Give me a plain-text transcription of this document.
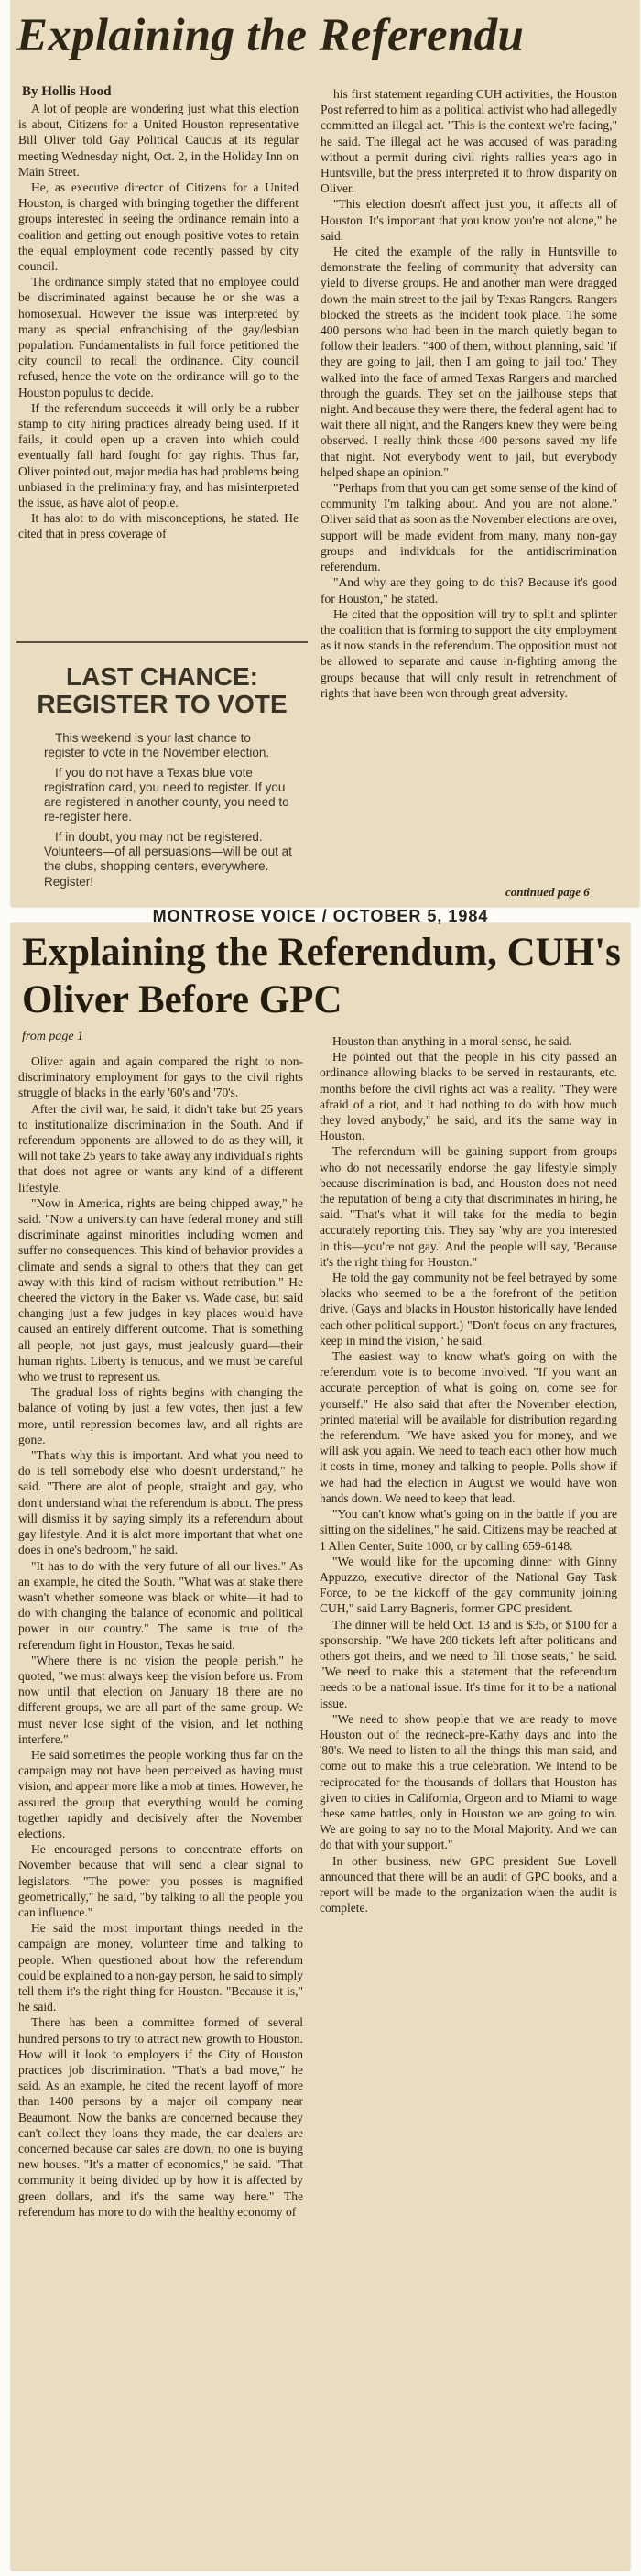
Explaining the Referendu
By Hollis Hood

A lot of people are wondering just what this election is about, Citizens for a United Houston representative Bill Oliver told Gay Political Caucus at its regular meeting Wednesday night, Oct. 2, in the Holiday Inn on Main Street.

He, as executive director of Citizens for a United Houston, is charged with bringing together the different groups interested in seeing the ordinance remain into a coalition and getting out enough positive votes to retain the equal employment code recently passed by city council.

The ordinance simply stated that no employee could be discriminated against because he or she was a homosexual. However the issue was interpreted by many as special enfranchising of the gay/lesbian population. Fundamentalists in full force petitioned the city council to recall the ordinance. City council refused, hence the vote on the ordinance will go to the Houston populus to decide.

If the referendum succeeds it will only be a rubber stamp to city hiring practices already being used. If it fails, it could open up a craven into which could eventually fall hard fought for gay rights. Thus far, Oliver pointed out, major media has had problems being unbiased in the preliminary fray, and has misinterpreted the issue, as have alot of people.

It has alot to do with misconceptions, he stated. He cited that in press coverage of

LAST CHANCE: REGISTER TO VOTE

This weekend is your last chance to register to vote in the November election.

If you do not have a Texas blue vote registration card, you need to register. If you are registered in another county, you need to re-register here.

If in doubt, you may not be registered. Volunteers—of all persuasions—will be out at the clubs, shopping centers, everywhere. Register!

his first statement regarding CUH activities, the Houston Post referred to him as a political activist who had allegedly committed an illegal act. "This is the context we're facing," he said. The illegal act he was accused of was parading without a permit during civil rights rallies years ago in Huntsville, but the press interpreted it to throw disparity on Oliver.

"This election doesn't affect just you, it affects all of Houston. It's important that you know you're not alone," he said.

He cited the example of the rally in Huntsville to demonstrate the feeling of community that adversity can yield to diverse groups. He and another man were dragged down the main street to the jail by Texas Rangers. Rangers blocked the streets as the incident took place. The some 400 persons who had been in the march quietly began to follow their leaders. "400 of them, without planning, said 'if they are going to jail, then I am going to jail too.' They walked into the face of armed Texas Rangers and marched through the guards. They set on the jailhouse steps that night. And because they were there, the federal agent had to wait there all night, and the Rangers knew they were being observed. I really think those 400 persons saved my life that night. Not everybody went to jail, but everybody helped shape an opinion."

"Perhaps from that you can get some sense of the kind of community I'm talking about. And you are not alone." Oliver said that as soon as the November elections are over, support will be made evident from many, many non-gay groups and individuals for the antidiscrimination referendum.

"And why are they going to do this? Because it's good for Houston," he stated.

He cited that the opposition will try to split and splinter the coalition that is forming to support the city employment as it now stands in the referendum. The opposition must not be allowed to separate and cause in-fighting among the groups because that will only result in retrenchment of rights that have been won through great adversity.

continued page 6
MONTROSE VOICE / OCTOBER 5, 1984
Explaining the Referendum, CUH's Oliver Before GPC
from page 1

Oliver again and again compared the right to non-discriminatory employment for gays to the civil rights struggle of blacks in the early '60's and '70's.

After the civil war, he said, it didn't take but 25 years to institutionalize discrimination in the South. And if referendum opponents are allowed to do as they will, it will not take 25 years to take away any individual's rights that does not agree or wants any kind of a different lifestyle.

"Now in America, rights are being chipped away," he said. "Now a university can have federal money and still discriminate against minorities including women and suffer no consequences. This kind of behavior provides a climate and sends a signal to others that they can get away with this kind of racism without retribution." He cheered the victory in the Baker vs. Wade case, but said changing just a few judges in key places would have caused an entirely different outcome. That is something all people, not just gays, must jealously guard—their human rights. Liberty is tenuous, and we must be careful who we trust to represent us.

The gradual loss of rights begins with changing the balance of voting by just a few votes, then just a few more, until repression becomes law, and all rights are gone.

"That's why this is important. And what you need to do is tell somebody else who doesn't understand," he said. "There are alot of people, straight and gay, who don't understand what the referendum is about. The press will dismiss it by saying simply its a referendum about gay lifestyle. And it is alot more important that what one does in one's bedroom," he said.

"It has to do with the very future of all our lives." As an example, he cited the South. "What was at stake there wasn't whether someone was black or white—it had to do with changing the balance of economic and political power in our country." The same is true of the referendum fight in Houston, Texas he said.

"Where there is no vision the people perish," he quoted, "we must always keep the vision before us. From now until that election on January 18 there are no different groups, we are all part of the same group. We must never lose sight of the vision, and let nothing interfere."

He said sometimes the people working thus far on the campaign may not have been perceived as having must vision, and appear more like a mob at times. However, he assured the group that everything would be coming together rapidly and decisively after the November elections.

He encouraged persons to concentrate efforts on November because that will send a clear signal to legislators. "The power you posses is magnified geometrically," he said, "by talking to all the people you can influence."

He said the most important things needed in the campaign are money, volunteer time and talking to people. When questioned about how the referendum could be explained to a non-gay person, he said to simply tell them it's the right thing for Houston. "Because it is," he said.

There has been a committee formed of several hundred persons to try to attract new growth to Houston. How will it look to employers if the City of Houston practices job discrimination. "That's a bad move," he said. As an example, he cited the recent layoff of more than 1400 persons by a major oil company near Beaumont. Now the banks are concerned because they can't collect they loans they made, the car dealers are concerned because car sales are down, no one is buying new houses. "It's a matter of economics," he said. "That community it being divided up by how it is affected by green dollars, and it's the same way here." The referendum has more to do with the healthy economy of

Houston than anything in a moral sense, he said.

He pointed out that the people in his city passed an ordinance allowing blacks to be served in restaurants, etc. months before the civil rights act was a reality. "They were afraid of a riot, and it had nothing to do with how much they loved anybody," he said, and it's the same way in Houston.

The referendum will be gaining support from groups who do not necessarily endorse the gay lifestyle simply because discrimination is bad, and Houston does not need the reputation of being a city that discriminates in hiring, he said. "That's what it will take for the media to begin accurately reporting this. They say 'why are you interested in this—you're not gay.' And the people will say, 'Because it's the right thing for Houston."

He told the gay community not be feel betrayed by some blacks who seemed to be a the forefront of the petition drive. (Gays and blacks in Houston historically have lended each other political support.) "Don't focus on any fractures, keep in mind the vision," he said.

The easiest way to know what's going on with the referendum vote is to become involved. "If you want an accurate perception of what is going on, come see for yourself." He also said that after the November election, printed material will be available for distribution regarding the referendum. "We have asked you for money, and we will ask you again. We need to teach each other how much it costs in time, money and talking to people. Polls show if we had had the election in August we would have won hands down. We need to keep that lead.

"You can't know what's going on in the battle if you are sitting on the sidelines," he said. Citizens may be reached at 1 Allen Center, Suite 1000, or by calling 659-6148.

"We would like for the upcoming dinner with Ginny Appuzzo, executive director of the National Gay Task Force, to be the kickoff of the gay community joining CUH," said Larry Bagneris, former GPC president.

The dinner will be held Oct. 13 and is $35, or $100 for a sponsorship. "We have 200 tickets left after politicans and others got theirs, and we need to fill those seats," he said. "We need to make this a statement that the referendum needs to be a national issue. It's time for it to be a national issue.

"We need to show people that we are ready to move Houston out of the redneck-pre-Kathy days and into the '80's. We need to listen to all the things this man said, and come out to make this a true celebration. We intend to be reciprocated for the thousands of dollars that Houston has given to cities in California, Orgeon and to Miami to wage these same battles, only in Houston we are going to win. We are going to say no to the Moral Majority. And we can do that with your support."

In other business, new GPC president Sue Lovell announced that there will be an audit of GPC books, and a report will be made to the organization when the audit is complete.
